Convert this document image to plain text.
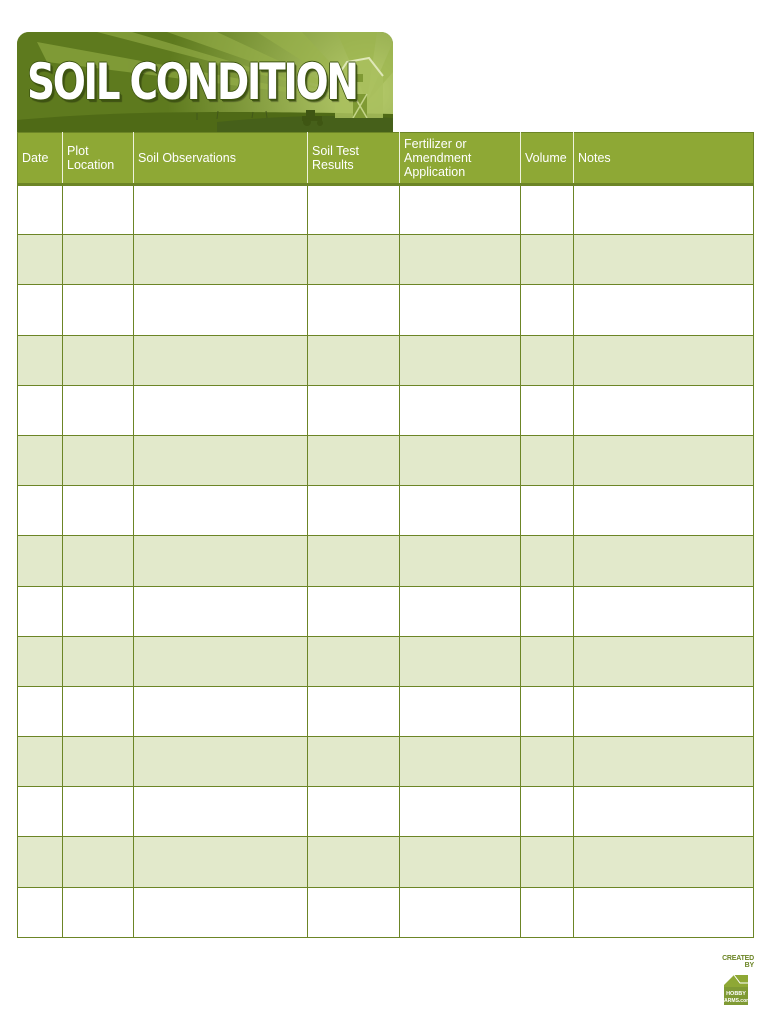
SOIL CONDITION
Date	Plot Location	Soil Observations	Soil Test Results	Fertilizer or
Amendment Application	Volume	Notes

CREATED BY
HOBBY
FARMS.com
